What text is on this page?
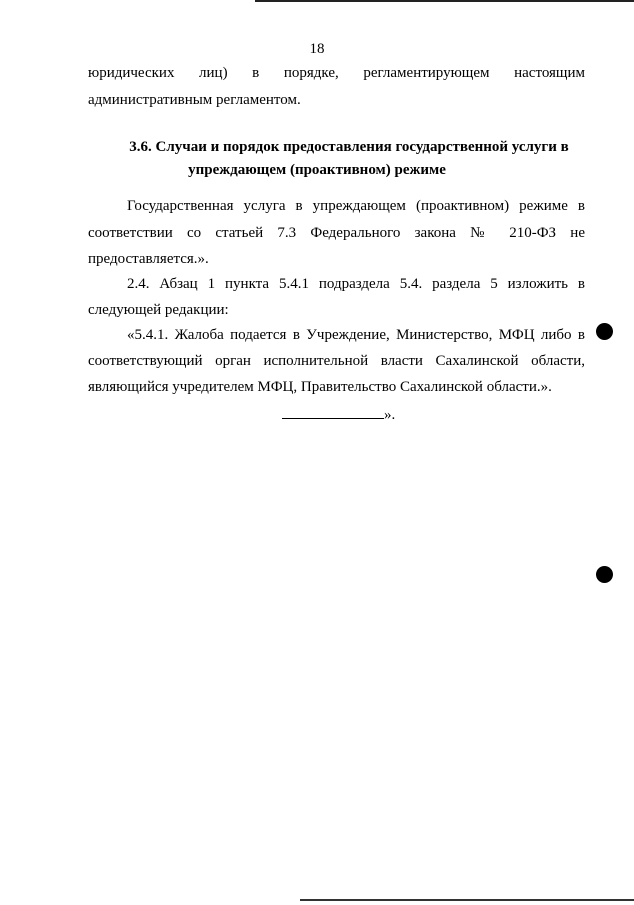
18
юридических лиц) в порядке, регламентирующем настоящим
административным регламентом.
3.6. Случаи и порядок предоставления государственной услуги в
упреждающем (проактивном) режиме
Государственная услуга в упреждающем (проактивном) режиме в
соответствии со статьей 7.3 Федерального закона № 210-ФЗ не
предоставляется.».
2.4. Абзац 1 пункта 5.4.1 подраздела 5.4. раздела 5 изложить в
следующей редакции:
«5.4.1. Жалоба подается в Учреждение, Министерство, МФЦ либо в
соответствующий орган исполнительной власти Сахалинской области,
являющийся учредителем МФЦ, Правительство Сахалинской области.».
».
